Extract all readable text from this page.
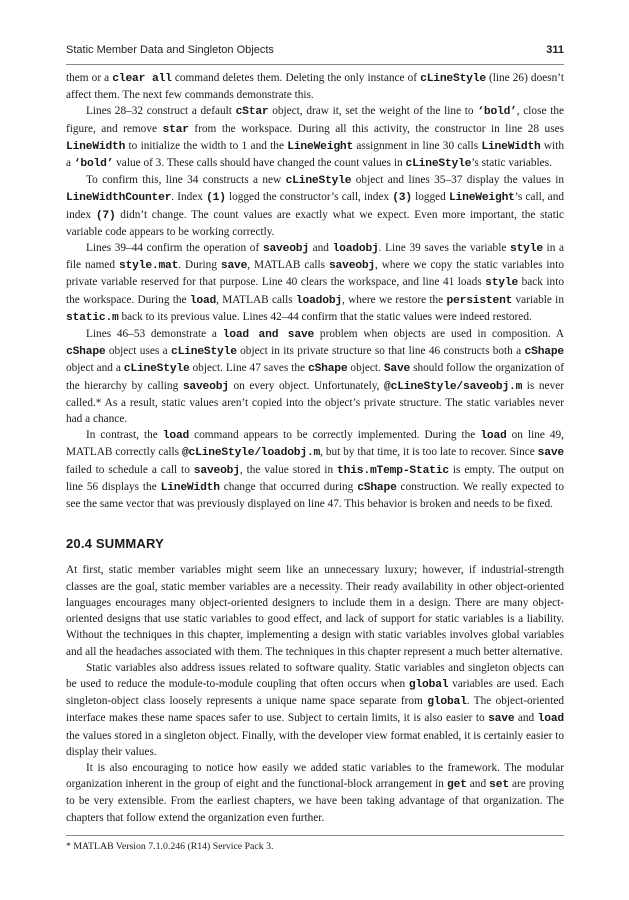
Static Member Data and Singleton Objects	311

them or a clear all command deletes them. Deleting the only instance of cLineStyle (line 26) doesn’t affect them. The next few commands demonstrate this.

Lines 28–32 construct a default cStar object, draw it, set the weight of the line to ‘bold’, close the figure, and remove star from the workspace. During all this activity, the constructor in line 28 uses LineWidth to initialize the width to 1 and the LineWeight assignment in line 30 calls LineWidth with a ‘bold’ value of 3. These calls should have changed the count values in cLineStyle’s static variables.

To confirm this, line 34 constructs a new cLineStyle object and lines 35–37 display the values in LineWidthCounter. Index (1) logged the constructor’s call, index (3) logged LineWeight’s call, and index (7) didn’t change. The count values are exactly what we expect. Even more important, the static variable code appears to be working correctly.

Lines 39–44 confirm the operation of saveobj and loadobj. Line 39 saves the variable style in a file named style.mat. During save, MATLAB calls saveobj, where we copy the static variables into private variable reserved for that purpose. Line 40 clears the workspace, and line 41 loads style back into the workspace. During the load, MATLAB calls loadobj, where we restore the persistent variable in static.m back to its previous value. Lines 42–44 confirm that the static values were indeed restored.

Lines 46–53 demonstrate a load and save problem when objects are used in composition. A cShape object uses a cLineStyle object in its private structure so that line 46 constructs both a cShape object and a cLineStyle object. Line 47 saves the cShape object. Save should follow the organization of the hierarchy by calling saveobj on every object. Unfortunately, @cLineStyle/saveobj.m is never called.* As a result, static values aren’t copied into the object’s private structure. The static variables never had a chance.

In contrast, the load command appears to be correctly implemented. During the load on line 49, MATLAB correctly calls @cLineStyle/loadobj.m, but by that time, it is too late to recover. Since save failed to schedule a call to saveobj, the value stored in this.mTemp-Static is empty. The output on line 56 displays the LineWidth change that occurred during cShape construction. We really expected to see the same vector that was previously displayed on line 47. This behavior is broken and needs to be fixed.

20.4 SUMMARY

At first, static member variables might seem like an unnecessary luxury; however, if industrial-strength classes are the goal, static member variables are a necessity. Their ready availability in other object-oriented languages encourages many object-oriented designers to include them in a design. There are many object-oriented designs that use static variables to good effect, and lack of support for static variables is a liability. Without the techniques in this chapter, implementing a design with static variables involves global variables and all the headaches associated with them. The techniques in this chapter represent a much better alternative.

Static variables also address issues related to software quality. Static variables and singleton objects can be used to reduce the module-to-module coupling that often occurs when global variables are used. Each singleton-object class loosely represents a unique name space separate from global. The object-oriented interface makes these name spaces safer to use. Subject to certain limits, it is also easier to save and load the values stored in a singleton object. Finally, with the developer view format enabled, it is certainly easier to display their values.

It is also encouraging to notice how easily we added static variables to the framework. The modular organization inherent in the group of eight and the functional-block arrangement in get and set are proving to be very extensible. From the earliest chapters, we have been taking advantage of that organization. The chapters that follow extend the organization even further.

* MATLAB Version 7.1.0.246 (R14) Service Pack 3.
